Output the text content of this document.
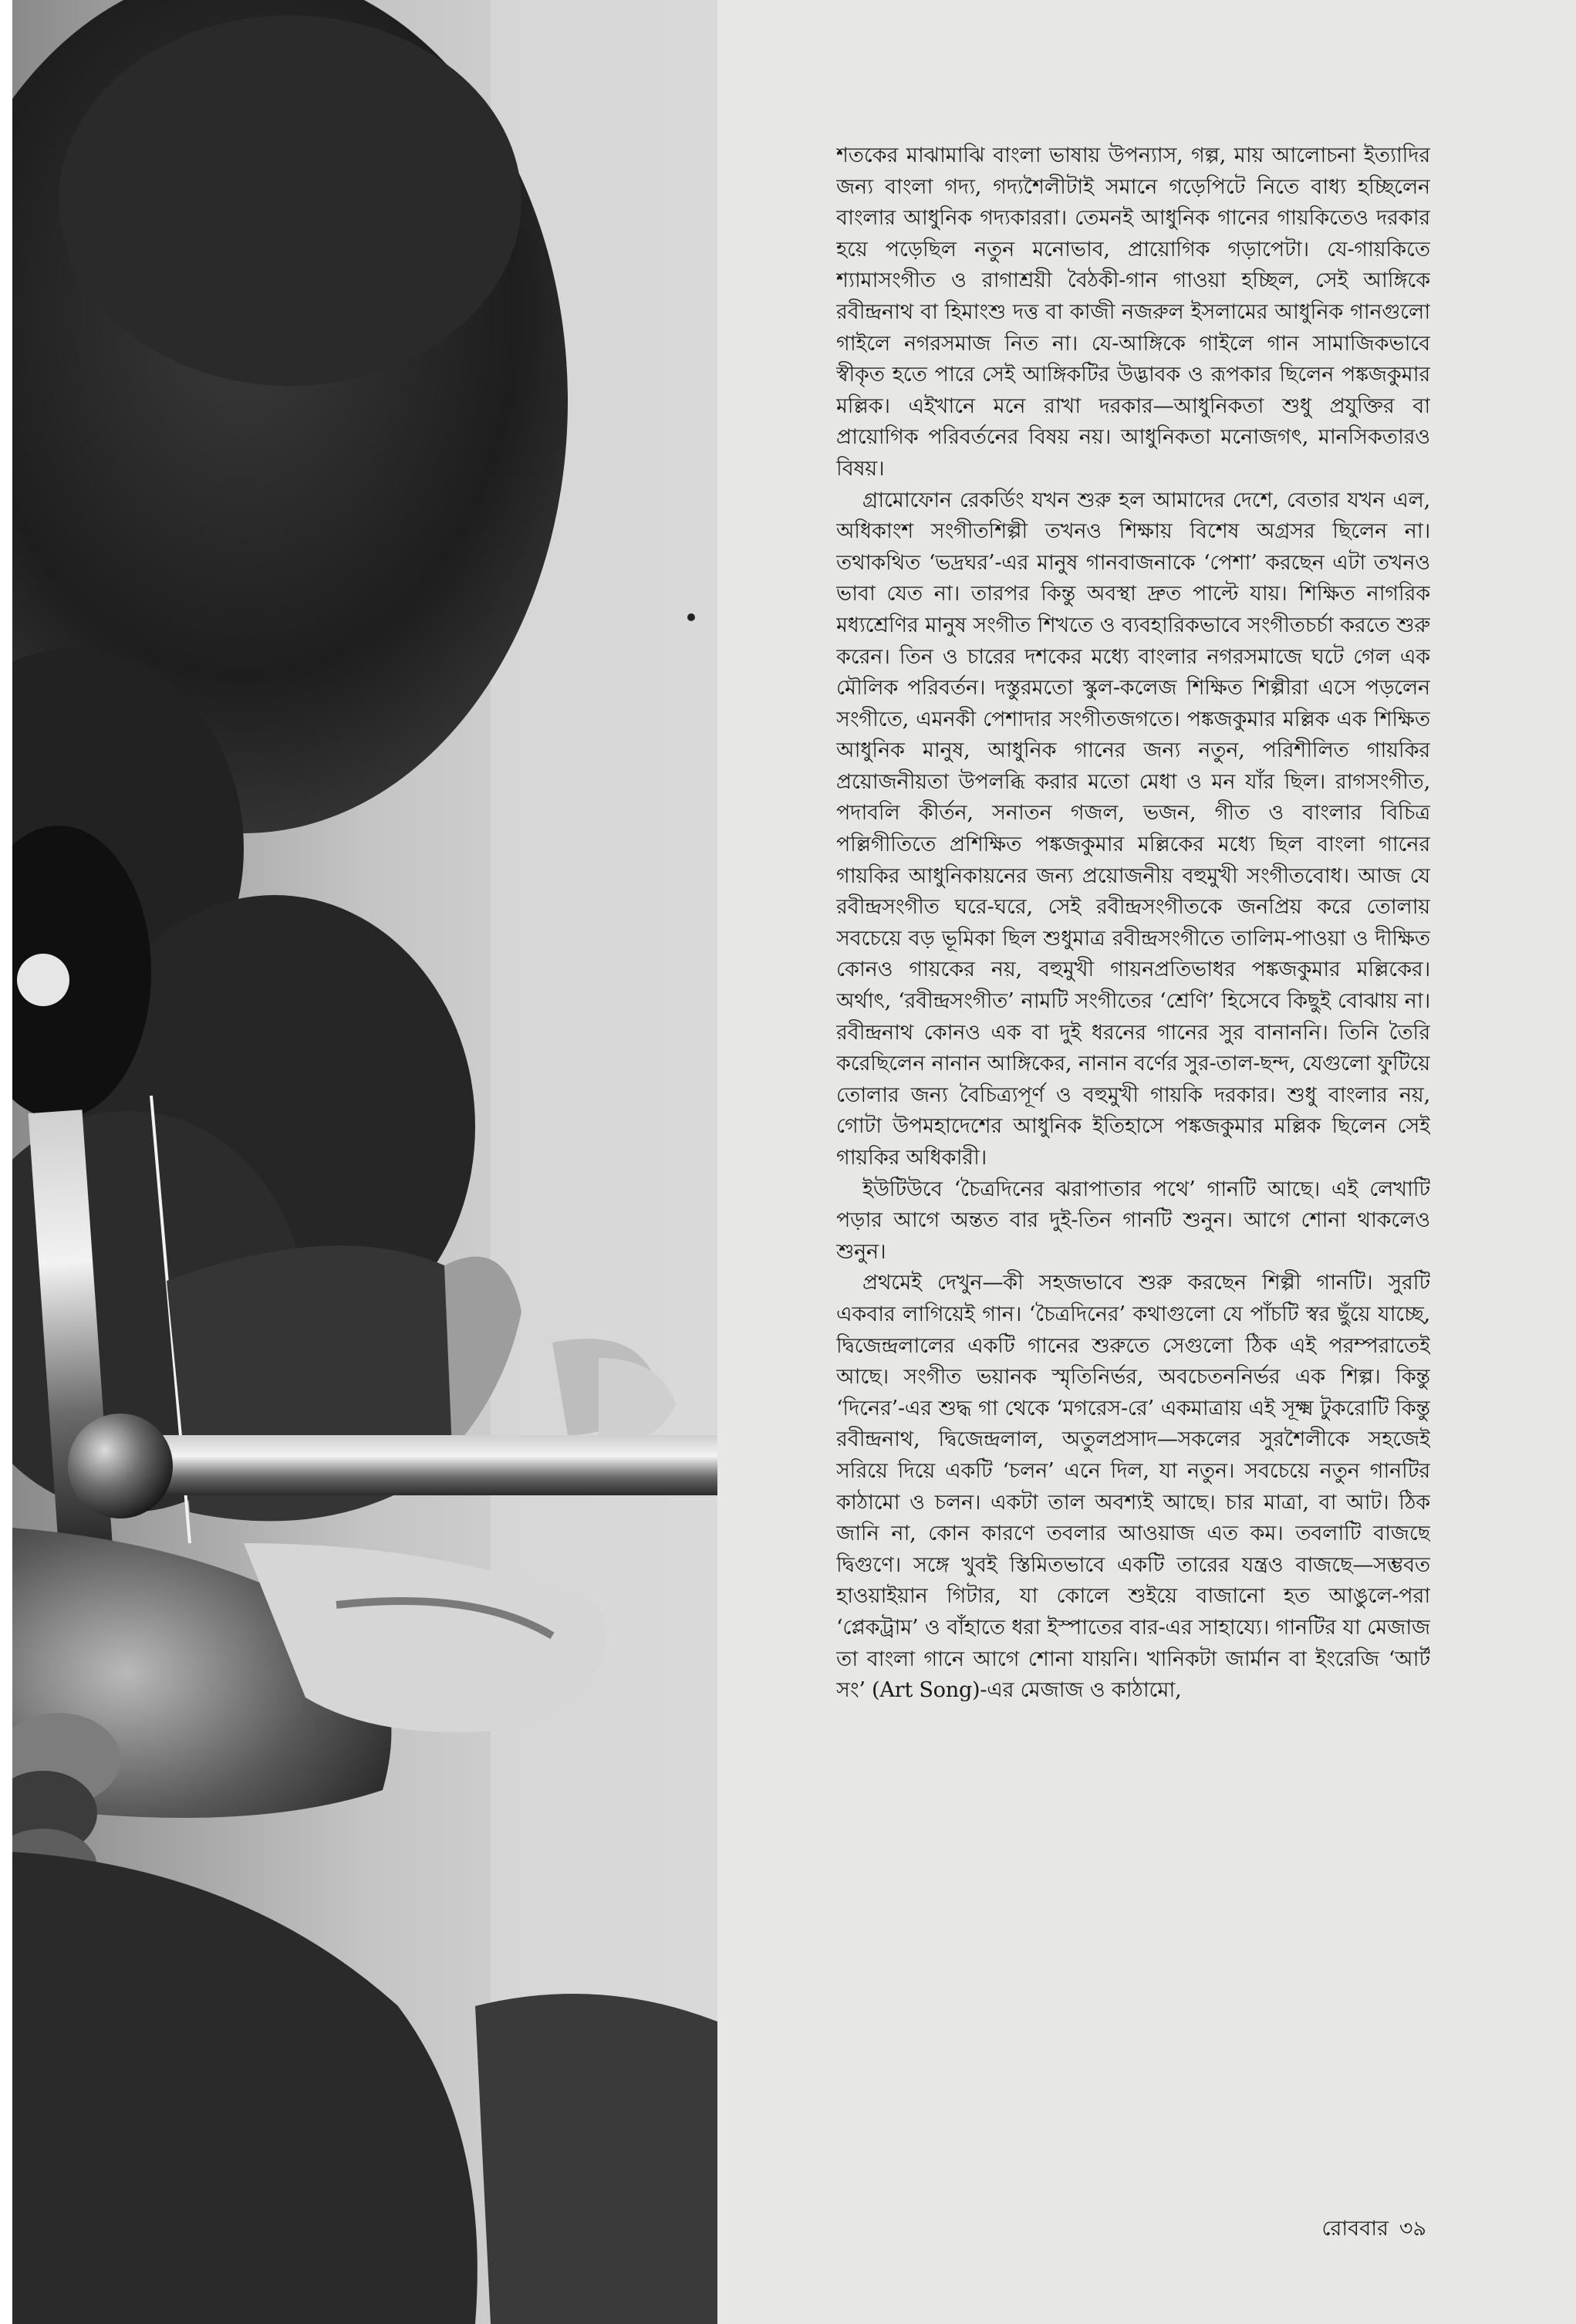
শতকের মাঝামাঝি বাংলা ভাষায় উপন্যাস, গল্প, মায় আলোচনা ইত্যাদির জন্য বাংলা গদ্য, গদ্যশৈলীটাই সমানে গড়েপিটে নিতে বাধ্য হচ্ছিলেন বাংলার আধুনিক গদ্যকাররা। তেমনই আধুনিক গানের গায়কিতেও দরকার হয়ে পড়েছিল নতুন মনোভাব, প্রায়োগিক গড়াপেটা। যে-গায়কিতে শ্যামাসংগীত ও রাগাশ্রয়ী বৈঠকী-গান গাওয়া হচ্ছিল, সেই আঙ্গিকে রবীন্দ্রনাথ বা হিমাংশু দত্ত বা কাজী নজরুল ইসলামের আধুনিক গানগুলো গাইলে নগরসমাজ নিত না। যে-আঙ্গিকে গাইলে গান সামাজিকভাবে স্বীকৃত হতে পারে সেই আঙ্গিকটির উদ্ভাবক ও রূপকার ছিলেন পঙ্কজকুমার মল্লিক। এইখানে মনে রাখা দরকার—আধুনিকতা শুধু প্রযুক্তির বা প্রায়োগিক পরিবর্তনের বিষয় নয়। আধুনিকতা মনোজগৎ, মানসিকতারও বিষয়।

গ্রামোফোন রেকর্ডিং যখন শুরু হল আমাদের দেশে, বেতার যখন এল, অধিকাংশ সংগীতশিল্পী তখনও শিক্ষায় বিশেষ অগ্রসর ছিলেন না। তথাকথিত ‘ভদ্রঘর’-এর মানুষ গানবাজনাকে ‘পেশা’ করছেন এটা তখনও ভাবা যেত না। তারপর কিন্তু অবস্থা দ্রুত পাল্টে যায়। শিক্ষিত নাগরিক মধ্যশ্রেণির মানুষ সংগীত শিখতে ও ব্যবহারিকভাবে সংগীতচর্চা করতে শুরু করেন। তিন ও চারের দশকের মধ্যে বাংলার নগরসমাজে ঘটে গেল এক মৌলিক পরিবর্তন। দস্তুরমতো স্কুল-কলেজ শিক্ষিত শিল্পীরা এসে পড়লেন সংগীতে, এমনকী পেশাদার সংগীতজগতে। পঙ্কজকুমার মল্লিক এক শিক্ষিত আধুনিক মানুষ, আধুনিক গানের জন্য নতুন, পরিশীলিত গায়কির প্রয়োজনীয়তা উপলব্ধি করার মতো মেধা ও মন যাঁর ছিল। রাগসংগীত, পদাবলি কীর্তন, সনাতন গজল, ভজন, গীত ও বাংলার বিচিত্র পল্লিগীতিতে প্রশিক্ষিত পঙ্কজকুমার মল্লিকের মধ্যে ছিল বাংলা গানের গায়কির আধুনিকায়নের জন্য প্রয়োজনীয় বহুমুখী সংগীতবোধ। আজ যে রবীন্দ্রসংগীত ঘরে-ঘরে, সেই রবীন্দ্রসংগীতকে জনপ্রিয় করে তোলায় সবচেয়ে বড় ভূমিকা ছিল শুধুমাত্র রবীন্দ্রসংগীতে তালিম-পাওয়া ও দীক্ষিত কোনও গায়কের নয়, বহুমুখী গায়নপ্রতিভাধর পঙ্কজকুমার মল্লিকের। অর্থাৎ, ‘রবীন্দ্রসংগীত’ নামটি সংগীতের ‘শ্রেণি’ হিসেবে কিছুই বোঝায় না। রবীন্দ্রনাথ কোনও এক বা দুই ধরনের গানের সুর বানাননি। তিনি তৈরি করেছিলেন নানান আঙ্গিকের, নানান বর্ণের সুর-তাল-ছন্দ, যেগুলো ফুটিয়ে তোলার জন্য বৈচিত্র্যপূর্ণ ও বহুমুখী গায়কি দরকার। শুধু বাংলার নয়, গোটা উপমহাদেশের আধুনিক ইতিহাসে পঙ্কজকুমার মল্লিক ছিলেন সেই গায়কির অধিকারী।

ইউটিউবে ‘চৈত্রদিনের ঝরাপাতার পথে’ গানটি আছে। এই লেখাটি পড়ার আগে অন্তত বার দুই-তিন গানটি শুনুন। আগে শোনা থাকলেও শুনুন।

প্রথমেই দেখুন—কী সহজভাবে শুরু করছেন শিল্পী গানটি। সুরটি একবার লাগিয়েই গান। ‘চৈত্রদিনের’ কথাগুলো যে পাঁচটি স্বর ছুঁয়ে যাচ্ছে, দ্বিজেন্দ্রলালের একটি গানের শুরুতে সেগুলো ঠিক এই পরম্পরাতেই আছে। সংগীত ভয়ানক স্মৃতিনির্ভর, অবচেতননির্ভর এক শিল্প। কিন্তু ‘দিনের’-এর শুদ্ধ গা থেকে ‘মগরেস-রে’ একমাত্রায় এই সূক্ষ্ম টুকরোটি কিন্তু রবীন্দ্রনাথ, দ্বিজেন্দ্রলাল, অতুলপ্রসাদ—সকলের সুরশৈলীকে সহজেই সরিয়ে দিয়ে একটি ‘চলন’ এনে দিল, যা নতুন। সবচেয়ে নতুন গানটির কাঠামো ও চলন। একটা তাল অবশ্যই আছে। চার মাত্রা, বা আট। ঠিক জানি না, কোন কারণে তবলার আওয়াজ এত কম। তবলাটি বাজছে দ্বিগুণে। সঙ্গে খুবই স্তিমিতভাবে একটি তারের যন্ত্রও বাজছে—সম্ভবত হাওয়াইয়ান গিটার, যা কোলে শুইয়ে বাজানো হত আঙুলে-পরা ‘প্লেকট্রাম’ ও বাঁহাতে ধরা ইস্পাতের বার-এর সাহায্যে। গানটির যা মেজাজ তা বাংলা গানে আগে শোনা যায়নি। খানিকটা জার্মান বা ইংরেজি ‘আর্ট সং’ (Art Song)-এর মেজাজ ও কাঠামো,

রোববার ৩৯
